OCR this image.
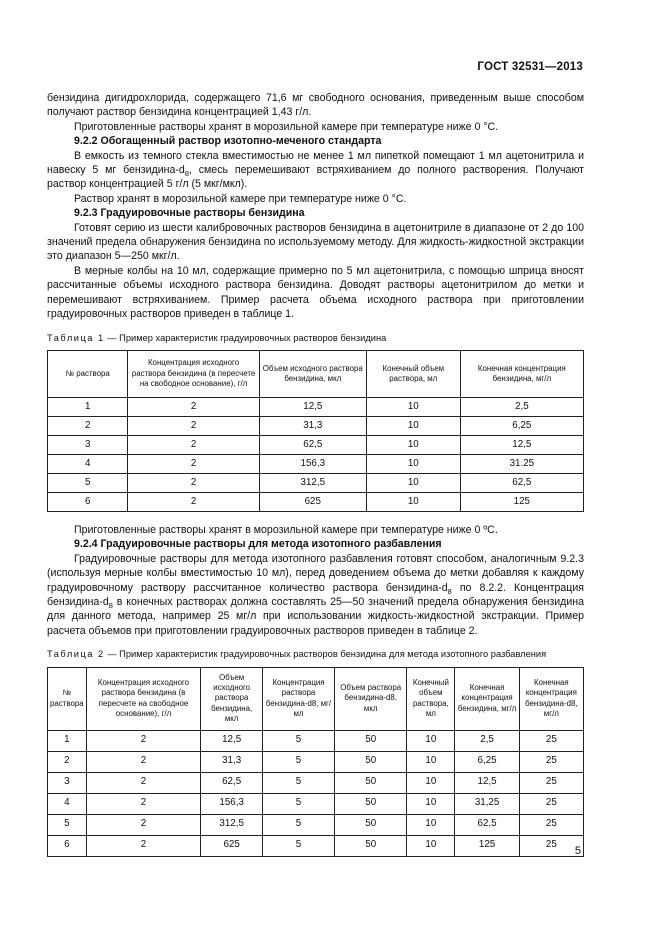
ГОСТ 32531—2013

бензидина дигидрохлорида, содержащего 71,6 мг свободного основания, приведенным выше способом получают раствор бензидина концентрацией 1,43 г/л.

Приготовленные растворы хранят в морозильной камере при температуре ниже 0 °С.

9.2.2 Обогащенный раствор изотопно-меченого стандарта

В емкость из темного стекла вместимостью не менее 1 мл пипеткой помещают 1 мл ацетонитрила и навеску 5 мг бензидина-$d_8$, смесь перемешивают встряхиванием до полного растворения. Получают раствор концентрацией 5 г/л (5 мкг/мкл).

Раствор хранят в морозильной камере при температуре ниже 0 °С.

9.2.3 Градуировочные растворы бензидина

Готовят серию из шести калибровочных растворов бензидина в ацетонитриле в диапазоне от 2 до 100 значений предела обнаружения бензидина по используемому методу. Для жидкость-жидкостной экстракции это диапазон 5—250 мкг/л.

В мерные колбы на 10 мл, содержащие примерно по 5 мл ацетонитрила, с помощью шприца вносят рассчитанные объемы исходного раствора бензидина. Доводят растворы ацетонитрилом до метки и перемешивают встряхиванием. Пример расчета объема исходного раствора при приготовлении градуировочных растворов приведен в таблице 1.

Таблица 1 — Пример характеристик градуировочных растворов бензидина

№ раствора	Концентрация исходного раствора бензидина (в пересчете на свободное основание), г/л	Объем исходного раствора бензидина, мкл	Конечный объем раствора, мл	Конечная концентрация бензидина, мг/л
1	2	12,5	10	2,5
2	2	31,3	10	6,25
3	2	62,5	10	12,5
4	2	156,3	10	31.25
5	2	312,5	10	62,5
6	2	625	10	125

Приготовленные растворы хранят в морозильной камере при температуре ниже 0 ºС.

9.2.4 Градуировочные растворы для метода изотопного разбавления

Градуировочные растворы для метода изотопного разбавления готовят способом, аналогичным 9.2.3 (используя мерные колбы вместимостью 10 мл), перед доведением объема до метки добавляя к каждому градуировочному раствору рассчитанное количество раствора бензидина-$d_8$ по 8.2.2. Концентрация бензидина-$d_8$ в конечных растворах должна составлять 25—50 значений предела обнаружения бензидина для данного метода, например 25 мг/л при использовании жидкость-жидкостной экстракции. Пример расчета объемов при приготовлении градуировочных растворов приведен в таблице 2.

Таблица 2 — Пример характеристик градуировочных растворов бензидина для метода изотопного разбавления

№ раствора	Концентрация исходного раствора бензидина (в пересчете на свободное основание), г/л	Объем исходного раствора бензидина, мкл	Концентрация раствора бензидина-d8, мг/мл	Объем раствора бензидина-d8, мкл	Конечный объем раствора, мл	Конечная концентрация бензидина, мг/л	Конечная концентрация бензидина-d8, мг/л
1	2	12,5	5	50	10	2,5	25
2	2	31,3	5	50	10	6,25	25
3	2	62,5	5	50	10	12,5	25
4	2	156,3	5	50	10	31,25	25
5	2	312,5	5	50	10	62,5	25
6	2	625	5	50	10	125	25
5
